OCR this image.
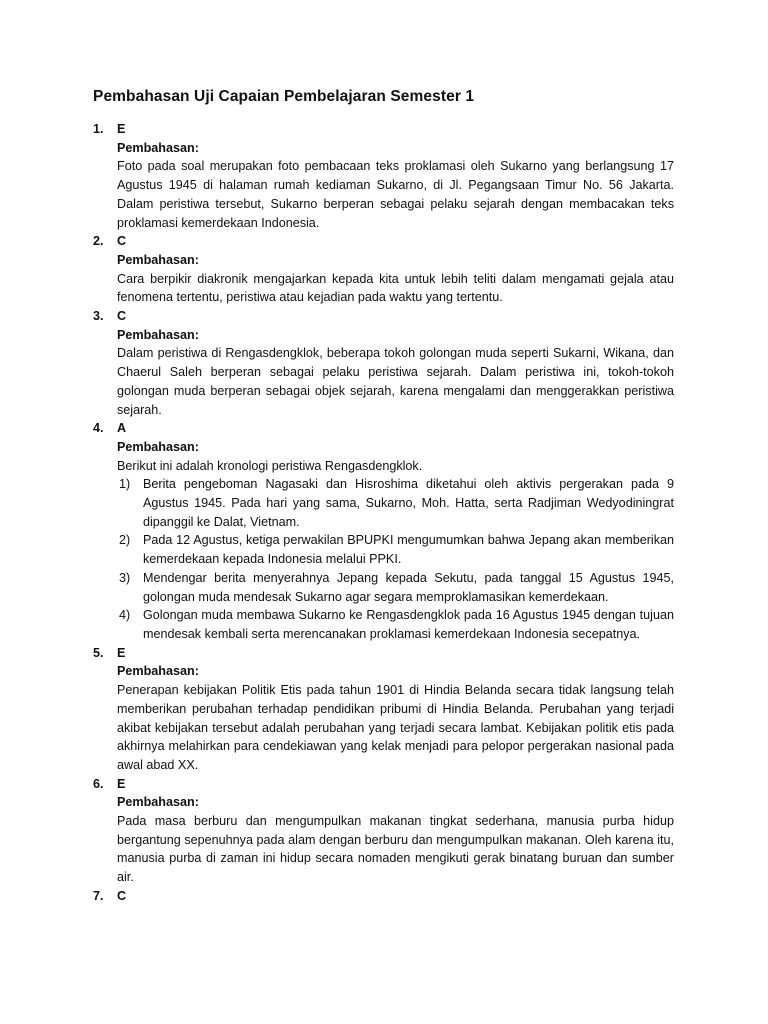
Pembahasan Uji Capaian Pembelajaran Semester 1
1. E
Pembahasan:
Foto pada soal merupakan foto pembacaan teks proklamasi oleh Sukarno yang berlangsung 17 Agustus 1945 di halaman rumah kediaman Sukarno, di Jl. Pegangsaan Timur No. 56 Jakarta. Dalam peristiwa tersebut, Sukarno berperan sebagai pelaku sejarah dengan membacakan teks proklamasi kemerdekaan Indonesia.
2. C
Pembahasan:
Cara berpikir diakronik mengajarkan kepada kita untuk lebih teliti dalam mengamati gejala atau fenomena tertentu, peristiwa atau kejadian pada waktu yang tertentu.
3. C
Pembahasan:
Dalam peristiwa di Rengasdengklok, beberapa tokoh golongan muda seperti Sukarni, Wikana, dan Chaerul Saleh berperan sebagai pelaku peristiwa sejarah. Dalam peristiwa ini, tokoh-tokoh golongan muda berperan sebagai objek sejarah, karena mengalami dan menggerakkan peristiwa sejarah.
4. A
Pembahasan:
Berikut ini adalah kronologi peristiwa Rengasdengklok.
1) Berita pengeboman Nagasaki dan Hisroshima diketahui oleh aktivis pergerakan pada 9 Agustus 1945. Pada hari yang sama, Sukarno, Moh. Hatta, serta Radjiman Wedyodiningrat dipanggil ke Dalat, Vietnam.
2) Pada 12 Agustus, ketiga perwakilan BPUPKI mengumumkan bahwa Jepang akan memberikan kemerdekaan kepada Indonesia melalui PPKI.
3) Mendengar berita menyerahnya Jepang kepada Sekutu, pada tanggal 15 Agustus 1945, golongan muda mendesak Sukarno agar segara memproklamasikan kemerdekaan.
4) Golongan muda membawa Sukarno ke Rengasdengklok pada 16 Agustus 1945 dengan tujuan mendesak kembali serta merencanakan proklamasi kemerdekaan Indonesia secepatnya.
5. E
Pembahasan:
Penerapan kebijakan Politik Etis pada tahun 1901 di Hindia Belanda secara tidak langsung telah memberikan perubahan terhadap pendidikan pribumi di Hindia Belanda. Perubahan yang terjadi akibat kebijakan tersebut adalah perubahan yang terjadi secara lambat. Kebijakan politik etis pada akhirnya melahirkan para cendekiawan yang kelak menjadi para pelopor pergerakan nasional pada awal abad XX.
6. E
Pembahasan:
Pada masa berburu dan mengumpulkan makanan tingkat sederhana, manusia purba hidup bergantung sepenuhnya pada alam dengan berburu dan mengumpulkan makanan. Oleh karena itu, manusia purba di zaman ini hidup secara nomaden mengikuti gerak binatang buruan dan sumber air.
7. C
